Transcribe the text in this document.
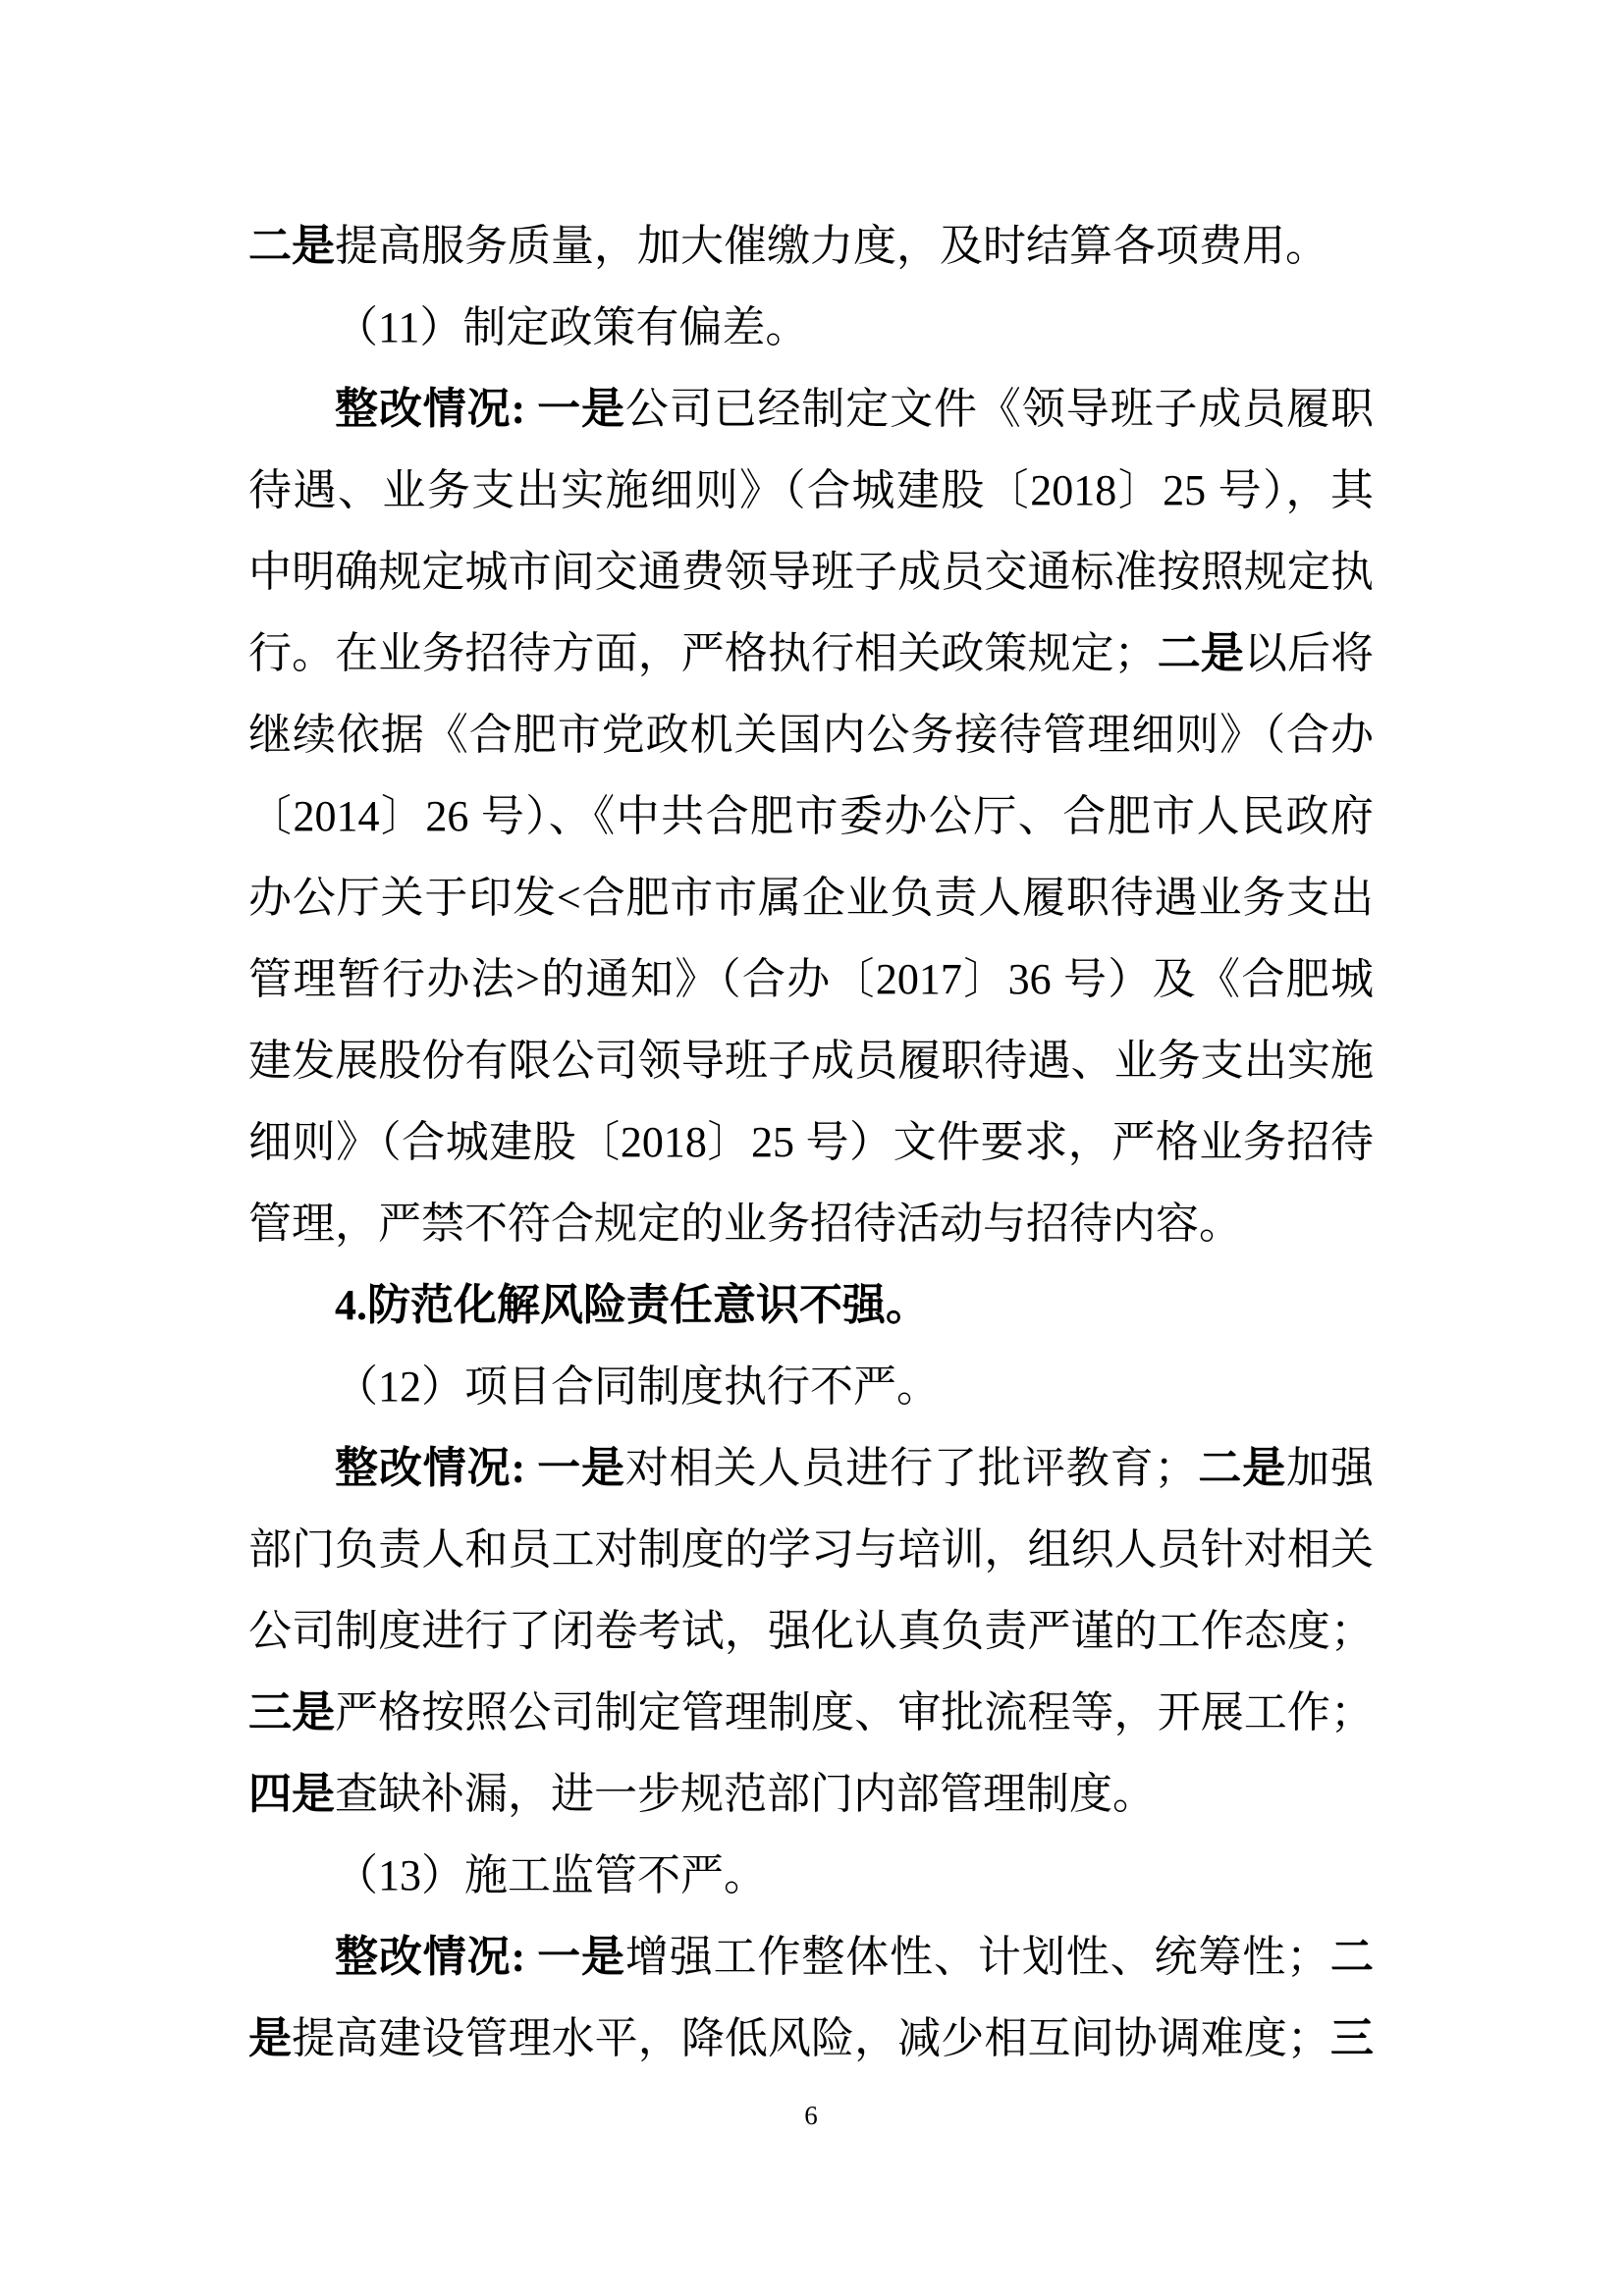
二是提高服务质量，加大催缴力度，及时结算各项费用。

（11）制定政策有偏差。

整改情况: 一是公司已经制定文件《领导班子成员履职待遇、业务支出实施细则》（合城建股〔2018〕25 号），其中明确规定城市间交通费领导班子成员交通标准按照规定执行。在业务招待方面，严格执行相关政策规定；二是以后将继续依据《合肥市党政机关国内公务接待管理细则》（合办〔2014〕26 号）、《中共合肥市委办公厅、合肥市人民政府办公厅关于印发<合肥市市属企业负责人履职待遇业务支出管理暂行办法>的通知》（合办〔2017〕36 号）及《合肥城建发展股份有限公司领导班子成员履职待遇、业务支出实施细则》（合城建股〔2018〕25 号）文件要求，严格业务招待管理，严禁不符合规定的业务招待活动与招待内容。

4.防范化解风险责任意识不强。

（12）项目合同制度执行不严。

整改情况: 一是对相关人员进行了批评教育；二是加强部门负责人和员工对制度的学习与培训，组织人员针对相关公司制度进行了闭卷考试，强化认真负责严谨的工作态度；三是严格按照公司制定管理制度、审批流程等，开展工作；四是查缺补漏，进一步规范部门内部管理制度。

（13）施工监管不严。

整改情况: 一是增强工作整体性、计划性、统筹性；二是提高建设管理水平，降低风险，减少相互间协调难度；三

6
